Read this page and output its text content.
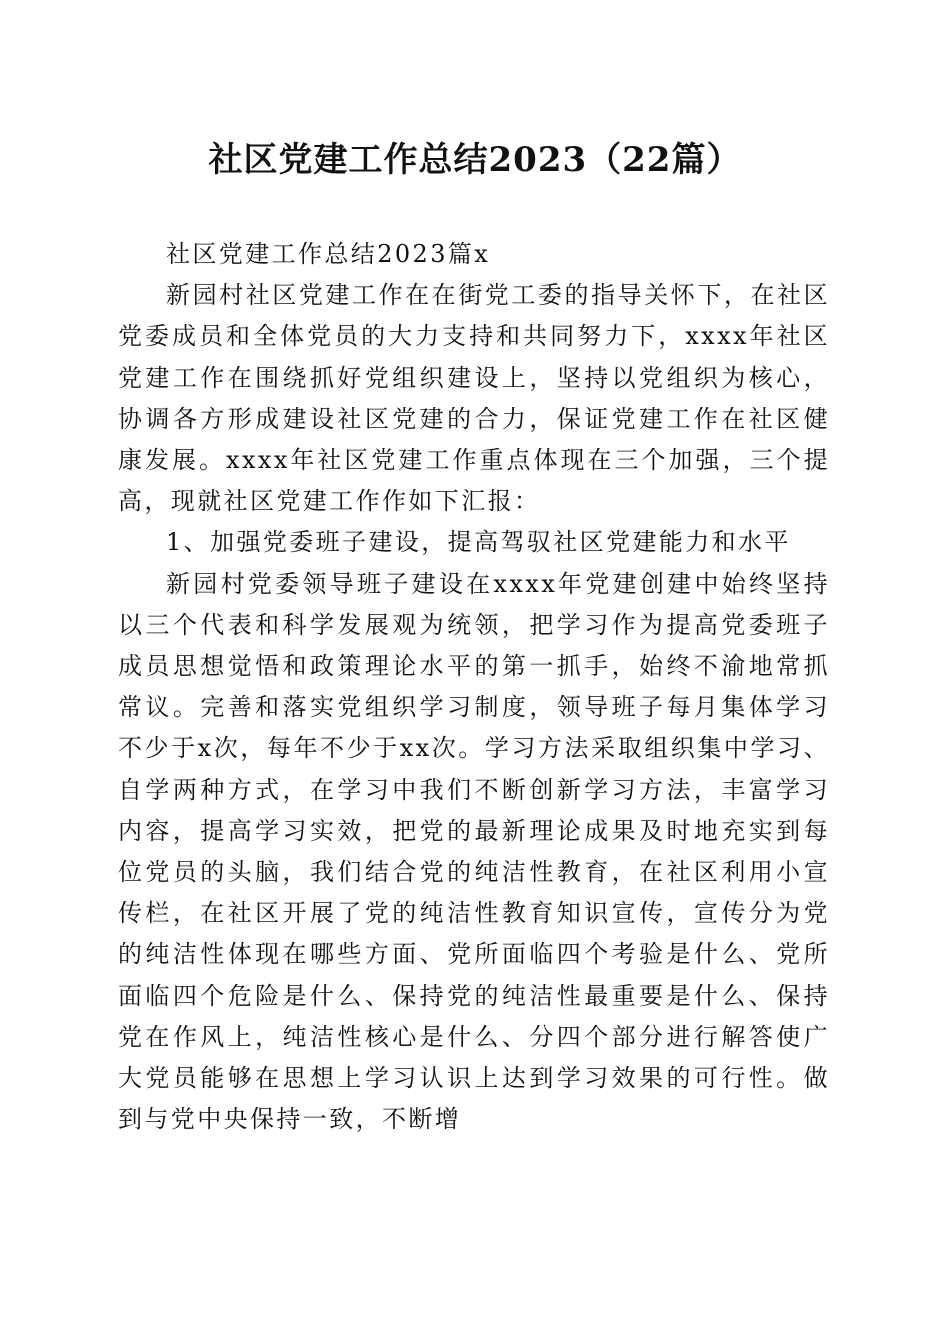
社区党建工作总结2023（22篇）

社区党建工作总结2023篇x

新园村社区党建工作在在街党工委的指导关怀下，在社区党委成员和全体党员的大力支持和共同努力下，xxxx年社区党建工作在围绕抓好党组织建设上，坚持以党组织为核心，协调各方形成建设社区党建的合力，保证党建工作在社区健康发展。xxxx年社区党建工作重点体现在三个加强，三个提高，现就社区党建工作作如下汇报：

1、加强党委班子建设，提高驾驭社区党建能力和水平

新园村党委领导班子建设在xxxx年党建创建中始终坚持以三个代表和科学发展观为统领，把学习作为提高党委班子成员思想觉悟和政策理论水平的第一抓手，始终不渝地常抓常议。完善和落实党组织学习制度，领导班子每月集体学习不少于x次，每年不少于xx次。学习方法采取组织集中学习、自学两种方式，在学习中我们不断创新学习方法，丰富学习内容，提高学习实效，把党的最新理论成果及时地充实到每位党员的头脑，我们结合党的纯洁性教育，在社区利用小宣传栏，在社区开展了党的纯洁性教育知识宣传，宣传分为党的纯洁性体现在哪些方面、党所面临四个考验是什么、党所面临四个危险是什么、保持党的纯洁性最重要是什么、保持党在作风上，纯洁性核心是什么、分四个部分进行解答使广大党员能够在思想上学习认识上达到学习效果的可行性。做到与党中央保持一致，不断增
